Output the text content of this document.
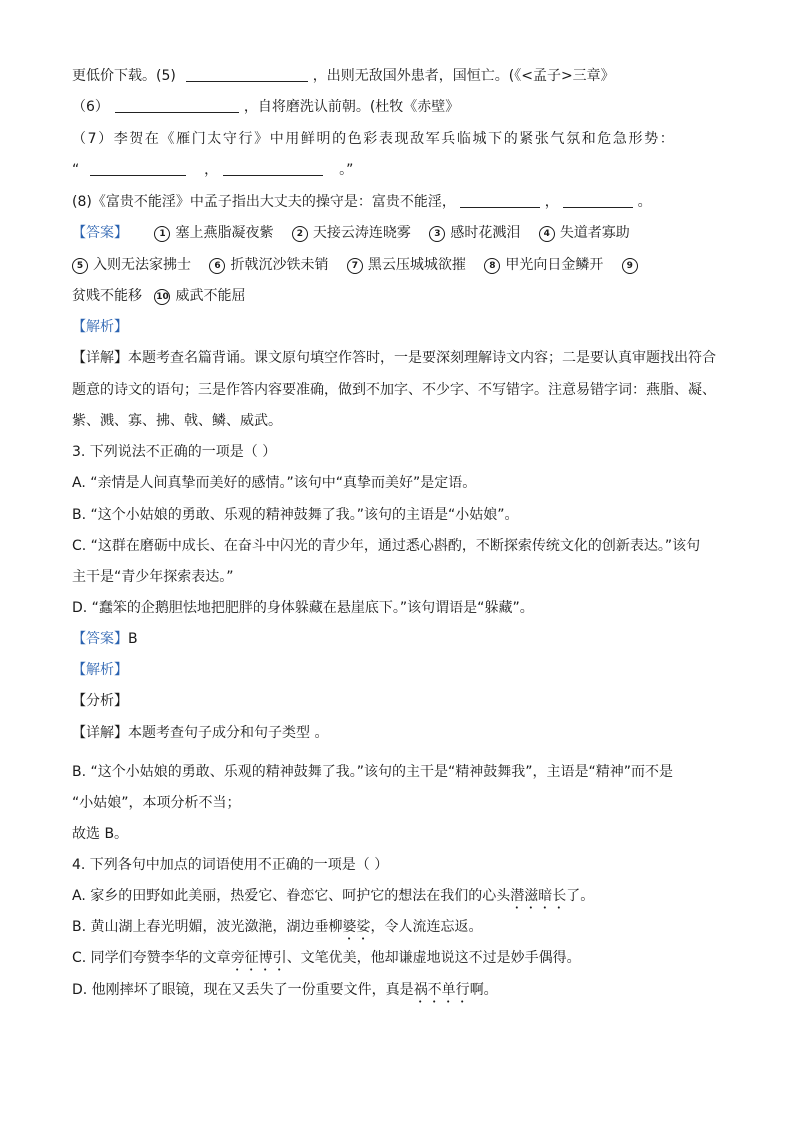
更低价下载。(5)	，出则无敌国外患者，国恒亡。(《<孟子>三章》
（6）	，自将磨洗认前朝。(杜牧《赤壁》
（7）李贺在《雁门太守行》中用鲜明的色彩表现敌军兵临城下的紧张气氛和危急形势：
“	，	。”
(8)《富贵不能淫》中孟子指出大丈夫的操守是：富贵不能淫，	，	。
【答案】	1 塞上燕脂凝夜紫	2 天接云涛连晓雾	3 感时花溅泪	4 失道者寡助
5 入则无法家拂士	6 折戟沉沙铁未销	7 黑云压城城欲摧	8 甲光向日金鳞开	9
贫贱不能移 10 威武不能屈
【解析】
【详解】本题考查名篇背诵。课文原句填空作答时，一是要深刻理解诗文内容；二是要认真审题找出符合
题意的诗文的语句；三是作答内容要准确，做到不加字、不少字、不写错字。注意易错字词：燕脂、凝、
紫、溅、寡、拂、戟、鳞、威武。
3. 下列说法不正确的一项是（ ）
A. “亲情是人间真挚而美好的感情。”该句中“真挚而美好”是定语。
B. “这个小姑娘的勇敢、乐观的精神鼓舞了我。”该句的主语是“小姑娘”。
C. “这群在磨砺中成长、在奋斗中闪光的青少年，通过悉心斟酌，不断探索传统文化的创新表达。”该句
主干是“青少年探索表达。”
D. “蠢笨的企鹅胆怯地把肥胖的身体躲藏在悬崖底下。”该句谓语是“躲藏”。
【答案】B
【解析】
【分析】
【详解】本题考查句子成分和句子类型 。
B. “这个小姑娘的勇敢、乐观的精神鼓舞了我。”该句的主干是“精神鼓舞我”，主语是“精神”而不是
“小姑娘”，本项分析不当；
故选 B。
4. 下列各句中加点的词语使用不正确的一项是（ ）
A. 家乡的田野如此美丽，热爱它、眷恋它、呵护它的想法在我们的心头潜滋暗长了。
B. 黄山湖上春光明媚，波光潋滟，湖边垂柳婆娑，令人流连忘返。
C. 同学们夸赞李华的文章旁征博引、文笔优美，他却谦虚地说这不过是妙手偶得。
D. 他刚摔坏了眼镜，现在又丢失了一份重要文件，真是祸不单行啊。
